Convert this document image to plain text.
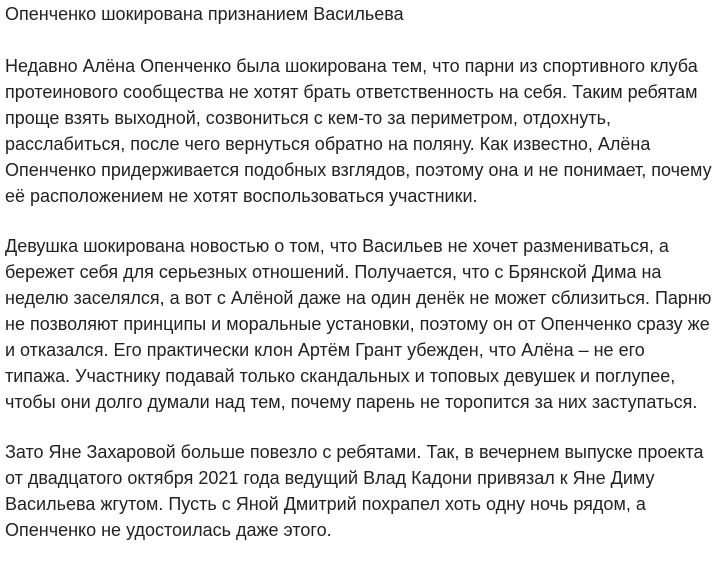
Опенченко шокирована признанием Васильева

Недавно Алёна Опенченко была шокирована тем, что парни из спортивного клуба протеинового сообщества не хотят брать ответственность на себя. Таким ребятам проще взять выходной, созвониться с кем-то за периметром, отдохнуть, расслабиться, после чего вернуться обратно на поляну. Как известно, Алёна Опенченко придерживается подобных взглядов, поэтому она и не понимает, почему её расположением не хотят воспользоваться участники.

Девушка шокирована новостью о том, что Васильев не хочет размениваться, а бережет себя для серьезных отношений. Получается, что с Брянской Дима на неделю заселялся, а вот с Алёной даже на один денёк не может сблизиться. Парню не позволяют принципы и моральные установки, поэтому он от Опенченко сразу же и отказался. Его практически клон Артём Грант убежден, что Алёна – не его типажа. Участнику подавай только скандальных и топовых девушек и поглупее, чтобы они долго думали над тем, почему парень не торопится за них заступаться.

Зато Яне Захаровой больше повезло с ребятами. Так, в вечернем выпуске проекта от двадцатого октября 2021 года ведущий Влад Кадони привязал к Яне Диму Васильева жгутом. Пусть с Яной Дмитрий похрапел хоть одну ночь рядом, а Опенченко не удостоилась даже этого.
